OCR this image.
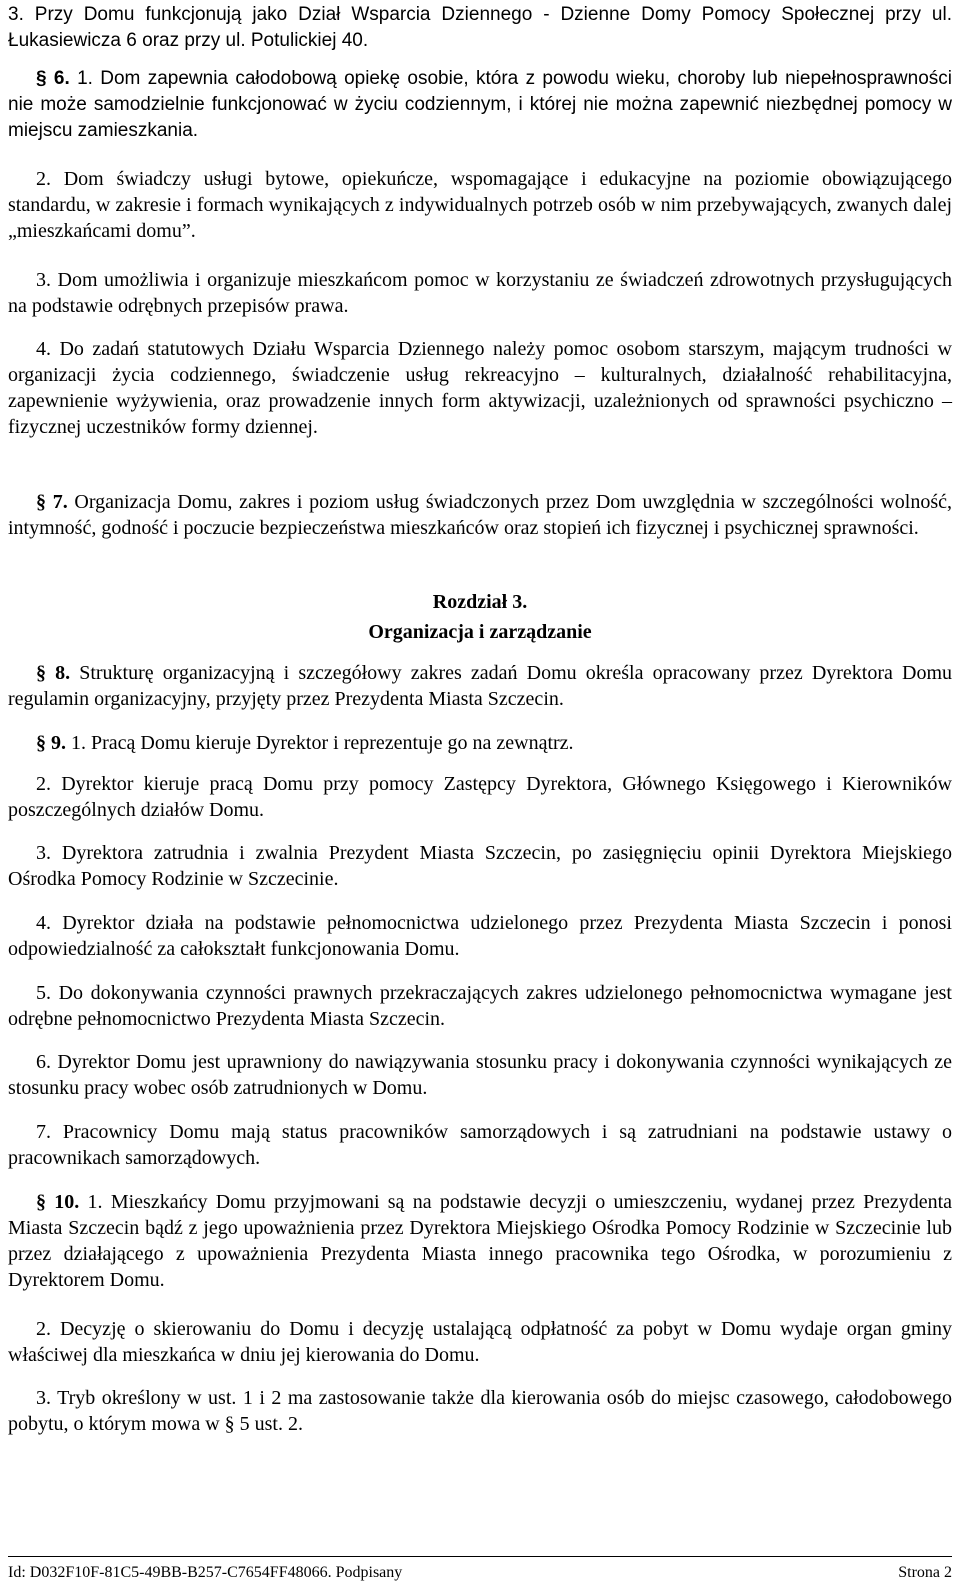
3. Przy Domu funkcjonują jako Dział Wsparcia Dziennego - Dzienne Domy Pomocy Społecznej przy ul. Łukasiewicza 6 oraz przy ul. Potulickiej 40.

§ 6. 1. Dom zapewnia całodobową opiekę osobie, która z powodu wieku, choroby lub niepełnosprawności nie może samodzielnie funkcjonować w życiu codziennym, i której nie można zapewnić niezbędnej pomocy w miejscu zamieszkania.

2. Dom świadczy usługi bytowe, opiekuńcze, wspomagające i edukacyjne na poziomie obowiązującego standardu, w zakresie i formach wynikających z indywidualnych potrzeb osób w nim przebywających, zwanych dalej „mieszkańcami domu”.

3. Dom umożliwia i organizuje mieszkańcom pomoc w korzystaniu ze świadczeń zdrowotnych przysługujących na podstawie odrębnych przepisów prawa.

4. Do zadań statutowych Działu Wsparcia Dziennego należy pomoc osobom starszym, mającym trudności w organizacji życia codziennego, świadczenie usług rekreacyjno – kulturalnych, działalność rehabilitacyjna, zapewnienie wyżywienia, oraz prowadzenie innych form aktywizacji, uzależnionych od sprawności psychiczno – fizycznej uczestników formy dziennej.

§ 7. Organizacja Domu, zakres i poziom usług świadczonych przez Dom uwzględnia w szczególności wolność, intymność, godność i poczucie bezpieczeństwa mieszkańców oraz stopień ich fizycznej i psychicznej sprawności.

Rozdział 3.
Organizacja i zarządzanie

§ 8. Strukturę organizacyjną i szczegółowy zakres zadań Domu określa opracowany przez Dyrektora Domu regulamin organizacyjny, przyjęty przez Prezydenta Miasta Szczecin.

§ 9. 1. Pracą Domu kieruje Dyrektor i reprezentuje go na zewnątrz.

2. Dyrektor kieruje pracą Domu przy pomocy Zastępcy Dyrektora, Głównego Księgowego i Kierowników poszczególnych działów Domu.

3. Dyrektora zatrudnia i zwalnia Prezydent Miasta Szczecin, po zasięgnięciu opinii Dyrektora Miejskiego Ośrodka Pomocy Rodzinie w Szczecinie.

4. Dyrektor działa na podstawie pełnomocnictwa udzielonego przez Prezydenta Miasta Szczecin i ponosi odpowiedzialność za całokształt funkcjonowania Domu.

5. Do dokonywania czynności prawnych przekraczających zakres udzielonego pełnomocnictwa wymagane jest odrębne pełnomocnictwo Prezydenta Miasta Szczecin.

6. Dyrektor Domu jest uprawniony do nawiązywania stosunku pracy i dokonywania czynności wynikających ze stosunku pracy wobec osób zatrudnionych w Domu.

7. Pracownicy Domu mają status pracowników samorządowych i są zatrudniani na podstawie ustawy o pracownikach samorządowych.

§ 10. 1. Mieszkańcy Domu przyjmowani są na podstawie decyzji o umieszczeniu, wydanej przez Prezydenta Miasta Szczecin bądź z jego upoważnienia przez Dyrektora Miejskiego Ośrodka Pomocy Rodzinie w Szczecinie lub przez działającego z upoważnienia Prezydenta Miasta innego pracownika tego Ośrodka, w porozumieniu z Dyrektorem Domu.

2. Decyzję o skierowaniu do Domu i decyzję ustalającą odpłatność za pobyt w Domu wydaje organ gminy właściwej dla mieszkańca w dniu jej kierowania do Domu.

3. Tryb określony w ust. 1 i 2 ma zastosowanie także dla kierowania osób do miejsc czasowego, całodobowego pobytu, o którym mowa w § 5 ust. 2.

Id: D032F10F-81C5-49BB-B257-C7654FF48066. Podpisany	Strona 2
